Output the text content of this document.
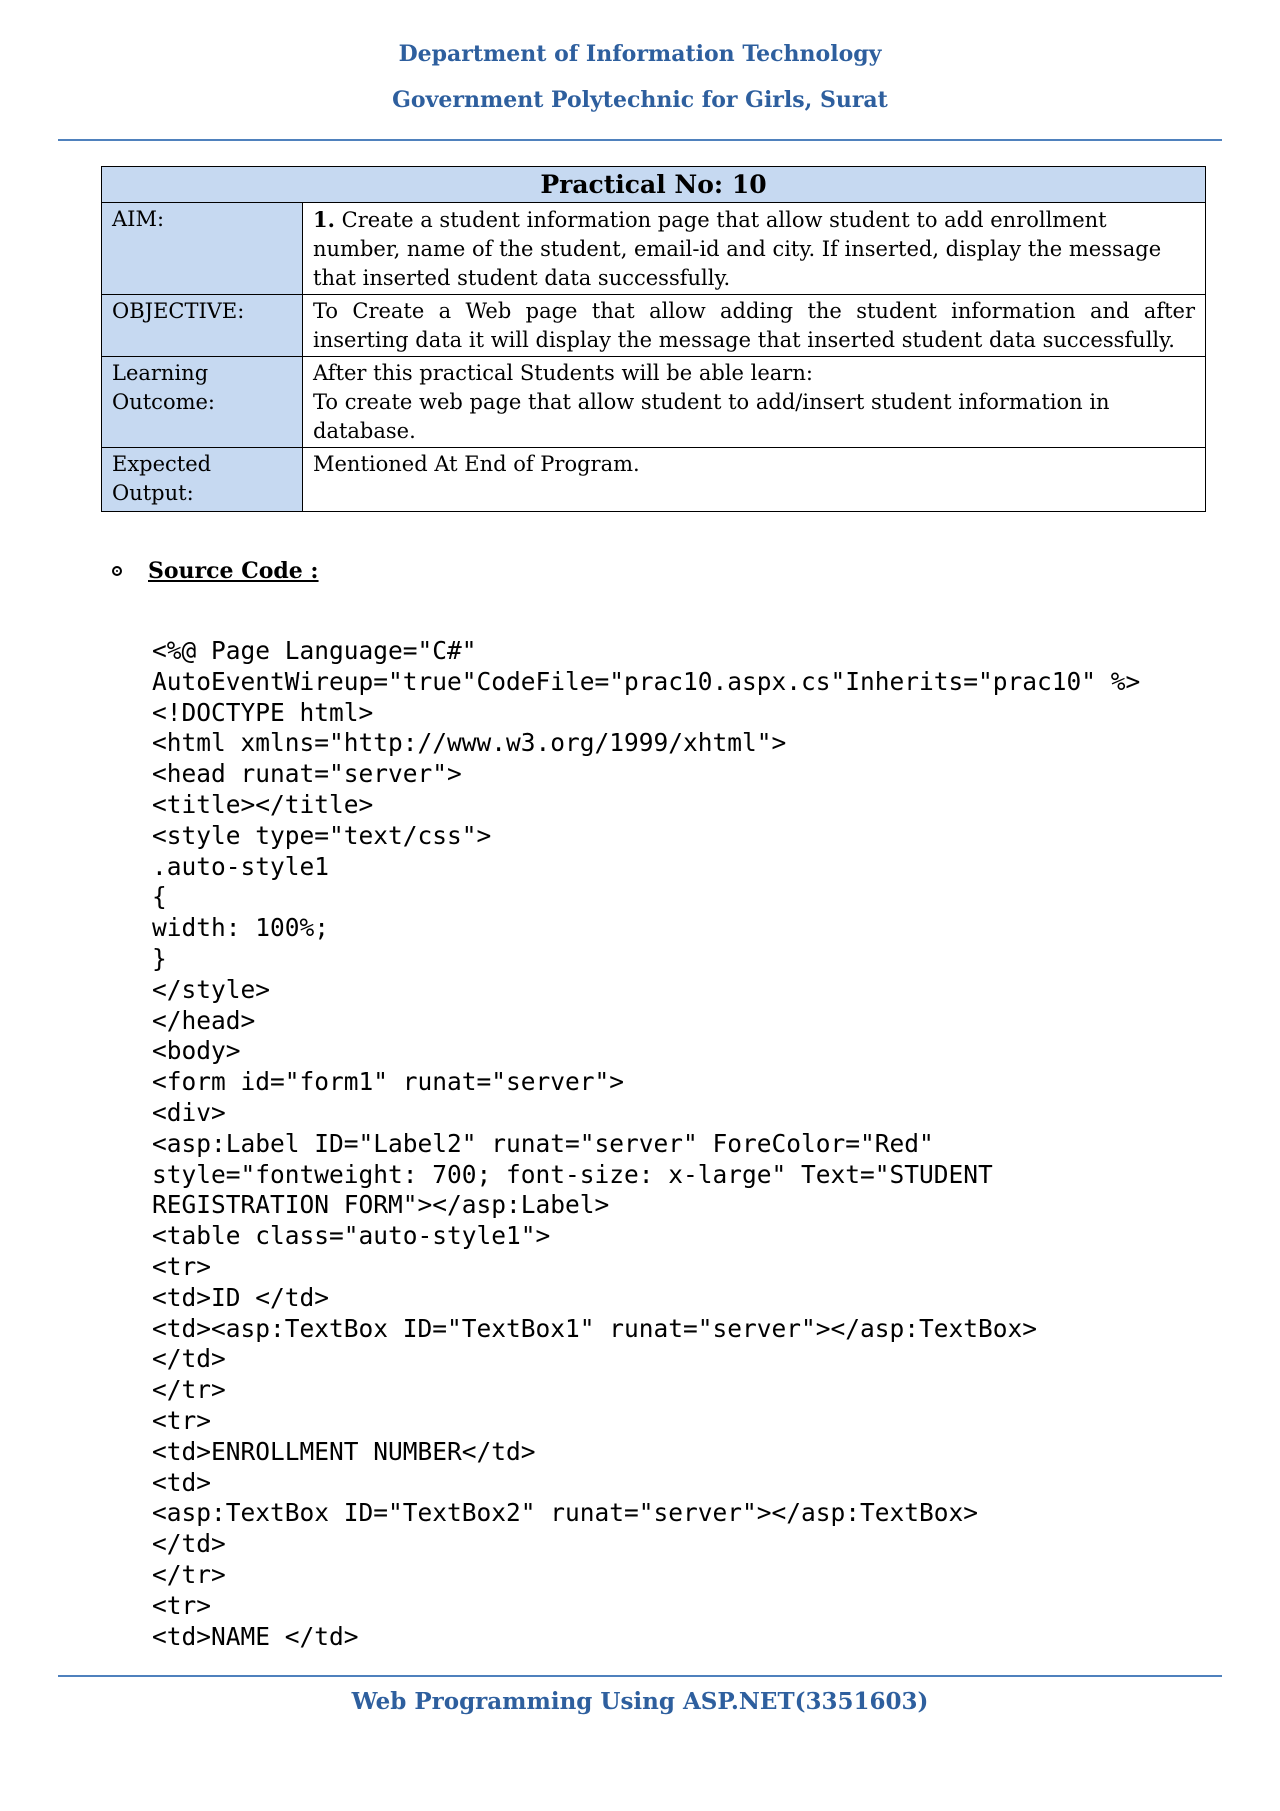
Department of Information Technology
Government Polytechnic for Girls, Surat
Practical No: 10	
AIM:	1. Create a student information page that allow student to add enrollment number, name of the student, email-id and city. If inserted, display the message that inserted student data successfully.
OBJECTIVE:	To Create a Web page that allow adding the student information and after inserting data it will display the message that inserted student data successfully.
Learning Outcome:	After this practical Students will be able learn:
To create web page that allow student to add/insert student information in database.

Expected Output:	Mentioned At End of Program.
Source Code :
<%@ Page Language="C#"
AutoEventWireup="true"CodeFile="prac10.aspx.cs"Inherits="prac10" %>
<!DOCTYPE html>
<html xmlns="http://www.w3.org/1999/xhtml">
<head runat="server">
<title></title>
<style type="text/css">
.auto-style1
{
width: 100%;
}
</style>
</head>
<body>
<form id="form1" runat="server">
<div>
<asp:Label ID="Label2" runat="server" ForeColor="Red"
style="fontweight: 700; font-size: x-large" Text="STUDENT
REGISTRATION FORM"></asp:Label>
<table class="auto-style1">
<tr>
<td>ID </td>
<td><asp:TextBox ID="TextBox1" runat="server"></asp:TextBox>
</td>
</tr>
<tr>
<td>ENROLLMENT NUMBER</td>
<td>
<asp:TextBox ID="TextBox2" runat="server"></asp:TextBox>
</td>
</tr>
<tr>
<td>NAME </td>
Web Programming Using ASP.NET(3351603)
